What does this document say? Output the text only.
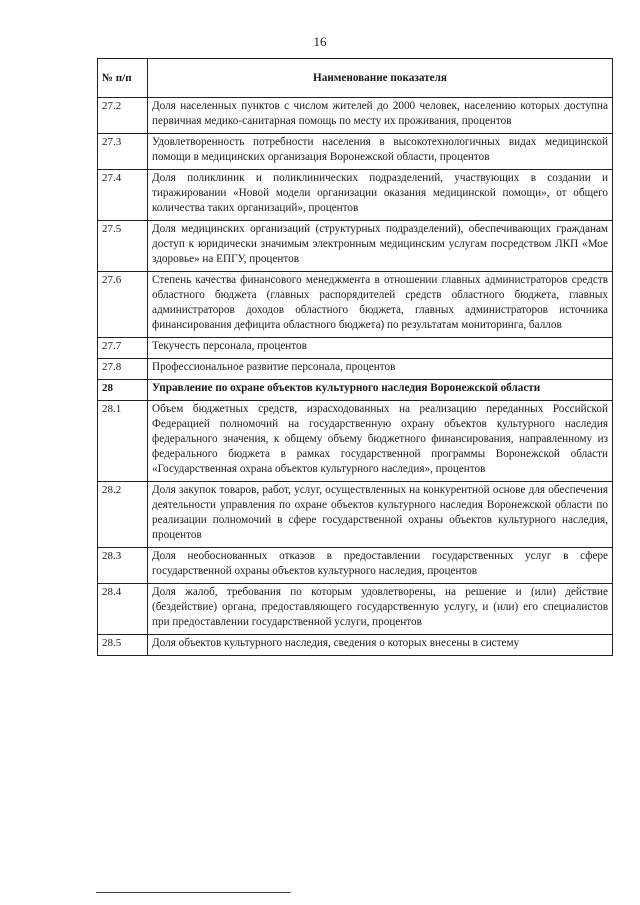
16
№ п/п	Наименование показателя
27.2	Доля населенных пунктов с числом жителей до 2000 человек, населению которых доступна первичная медико-санитарная помощь по месту их проживания, процентов
27.3	Удовлетворенность потребности населения в высокотехнологичных видах медицинской помощи в медицинских организация Воронежской области, процентов
27.4	Доля поликлиник и поликлинических подразделений, участвующих в создании и тиражировании «Новой модели организации оказания медицинской помощи», от общего количества таких организаций», процентов
27.5	Доля медицинских организаций (структурных подразделений), обеспечивающих гражданам доступ к юридически значимым электронным медицинским услугам посредством ЛКП «Мое здоровье» на ЕПГУ, процентов
27.6	Степень качества финансового менеджмента в отношении главных администраторов средств областного бюджета (главных распорядителей средств областного бюджета, главных администраторов доходов областного бюджета, главных администраторов источника финансирования дефицита областного бюджета) по результатам мониторинга, баллов
27.7	Текучесть персонала, процентов
27.8	Профессиональное развитие персонала, процентов
28	Управление по охране объектов культурного наследия Воронежской области
28.1	Объем бюджетных средств, израсходованных на реализацию переданных Российской Федерацией полномочий на государственную охрану объектов культурного наследия федерального значения, к общему объему бюджетного финансирования, направленному из федерального бюджета в рамках государственной программы Воронежской области «Государственная охрана объектов культурного наследия», процентов
28.2	Доля закупок товаров, работ, услуг, осуществленных на конкурентной основе для обеспечения деятельности управления по охране объектов культурного наследия Воронежской области по реализации полномочий в сфере государственной охраны объектов культурного наследия, процентов
28.3	Доля необоснованных отказов в предоставлении государственных услуг в сфере государственной охраны объектов культурного наследия, процентов
28.4	Доля жалоб, требования по которым удовлетворены, на решение и (или) действие (бездействие) органа, предоставляющего государственную услугу, и (или) его специалистов при предоставлении государственной услуги, процентов
28.5	Доля объектов культурного наследия, сведения о которых внесены в систему
